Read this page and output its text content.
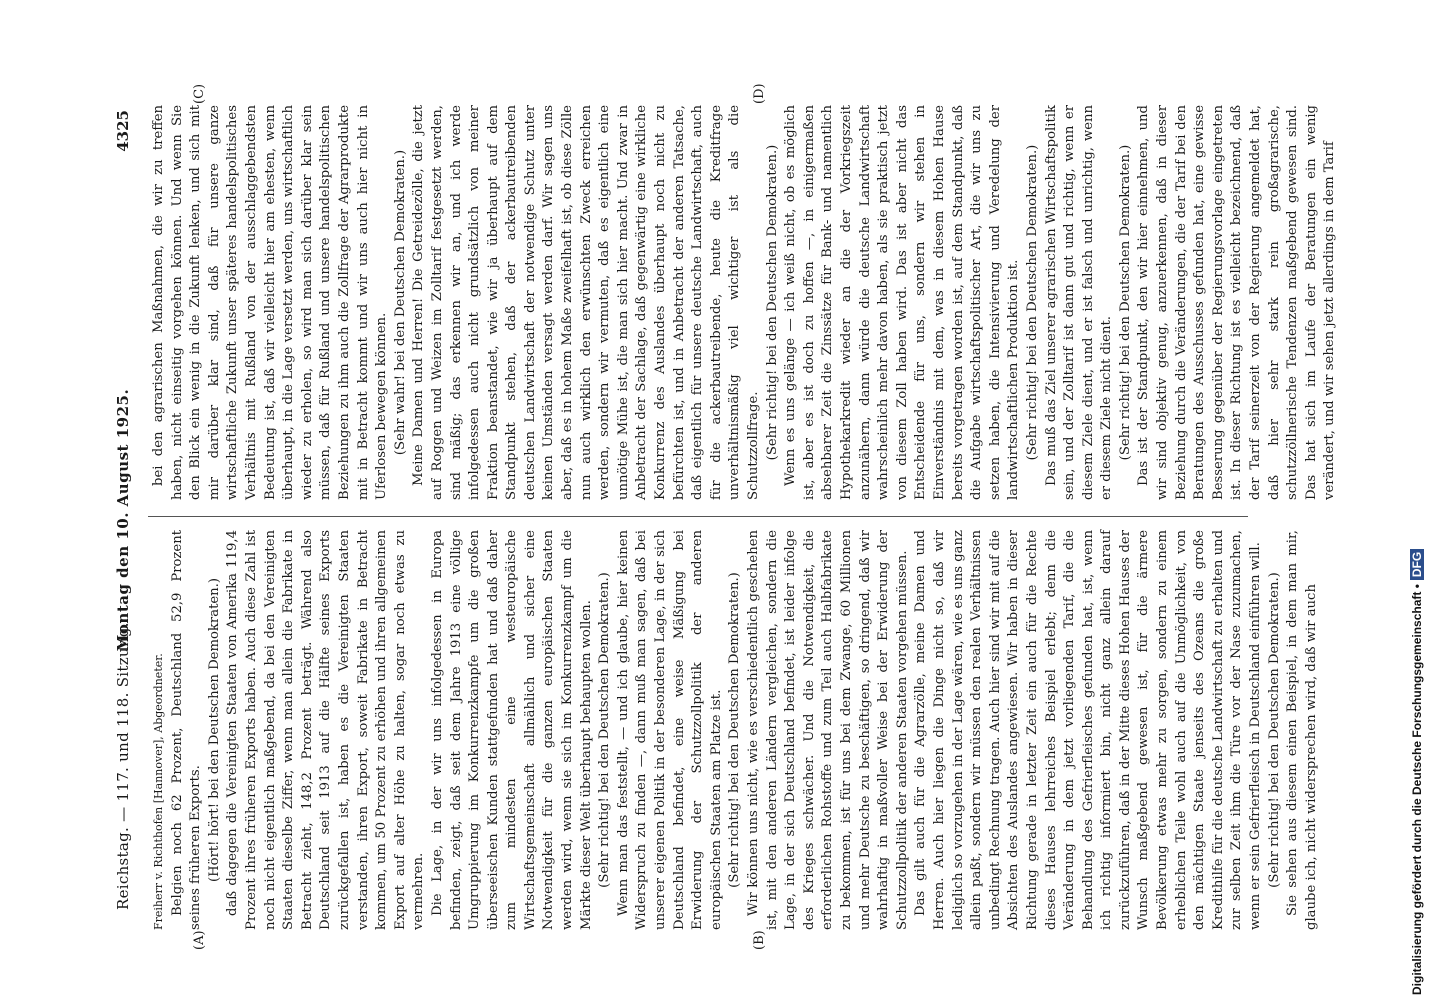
Reichstag. — 117. und 118. Sitzung.
Montag den 10. August 1925.
4325
(A)	(B)
(C)	(D)

Freiherr v. Richthofen [Hannover], Abgeordneter. Belgien noch 62 Prozent, Deutschland 52,9 Prozent seines früheren Exports. (Hört! hört! bei den Deutschen Demokraten.) daß dagegen die Vereinigten Staaten von Amerika 119,4 Prozent ihres früheren Exports haben. Auch diese Zahl ist noch nicht eigentlich maßgebend, da bei den Vereinigten Staaten dieselbe Ziffer, wenn man allein die Fabrikate in Betracht zieht, 148,2 Prozent beträgt. Während also Deutschland seit 1913 auf die Hälfte seines Exports zurückgefallen ist, haben es die Vereinigten Staaten verstanden, ihren Export, soweit Fabrikate in Betracht kommen, um 50 Prozent zu erhöhen und ihren allgemeinen Export auf alter Höhe zu halten, sogar noch etwas zu vermehren. Die Lage, in der wir uns infolgedessen in Europa befinden, zeigt, daß seit dem Jahre 1913 eine völlige Umgruppierung im Konkurrenzkampfe um die großen überseeischen Kunden stattgefunden hat und daß daher zum mindesten eine westeuropäische Wirtschaftsgemeinschaft allmählich und sicher eine Notwendigkeit für die ganzen europäischen Staaten werden wird, wenn sie sich im Konkurrenzkampf um die Märkte dieser Welt überhaupt behaupten wollen. (Sehr richtig! bei den Deutschen Demokraten.) Wenn man das feststellt, — und ich glaube, hier keinen Widerspruch zu finden —, dann muß man sagen, daß bei unserer eigenen Politik in der besonderen Lage, in der sich Deutschland befindet, eine weise Mäßigung bei Erwiderung der Schutzzollpolitik der anderen europäischen Staaten am Platze ist. (Sehr richtig! bei den Deutschen Demokraten.) Wir können uns nicht, wie es verschiedentlich geschehen ist, mit den anderen Ländern vergleichen, sondern die Lage, in der sich Deutschland befindet, ist leider infolge des Krieges schwächer. Und die Notwendigkeit, die erforderlichen Rohstoffe und zum Teil auch Halbfabrikate zu bekommen, ist für uns bei dem Zwange, 60 Millionen und mehr Deutsche zu beschäftigen, so dringend, daß wir wahrhaftig in maßvoller Weise bei der Erwiderung der Schutzzollpolitik der anderen Staaten vorgehen müssen. Das gilt auch für die Agrarzölle, meine Damen und Herren. Auch hier liegen die Dinge nicht so, daß wir lediglich so vorzugehen in der Lage wären, wie es uns ganz allein paßt, sondern wir müssen den realen Verhältnissen unbedingt Rechnung tragen. Auch hier sind wir mit auf die Absichten des Auslandes angewiesen. Wir haben in dieser Richtung gerade in letzter Zeit ein auch für die Rechte dieses Hauses lehrreiches Beispiel erlebt; denn die Veränderung in dem jetzt vorliegenden Tarif, die die Behandlung des Gefrierfleisches gefunden hat, ist, wenn ich richtig informiert bin, nicht ganz allein darauf zurückzuführen, daß in der Mitte dieses Hohen Hauses der Wunsch maßgebend gewesen ist, für die ärmere Bevölkerung etwas mehr zu sorgen, sondern zu einem erheblichen Teile wohl auch auf die Unmöglichkeit, von den mächtigen Staate jenseits des Ozeans die große Kredithilfe für die deutsche Landwirtschaft zu erhalten und zur selben Zeit ihm die Türe vor der Nase zuzumachen, wenn er sein Gefrierfleisch in Deutschland einführen will. (Sehr richtig! bei den Deutschen Demokraten.) Sie sehen aus diesem einen Beispiel, in dem man mir, glaube ich, nicht widersprechen wird, daß wir auch

bei den agrarischen Maßnahmen, die wir zu treffen haben, nicht einseitig vorgehen können. Und wenn Sie den Blick ein wenig in die Zukunft lenken, und sich mit mir darüber klar sind, daß für unsere ganze wirtschaftliche Zukunft unser späteres handelspolitisches Verhältnis mit Rußland von der ausschlaggebendsten Bedeutung ist, daß wir vielleicht hier am ehesten, wenn überhaupt, in die Lage versetzt werden, uns wirtschaftlich wieder zu erholen, so wird man sich darüber klar sein müssen, daß für Rußland und unsere handelspolitischen Beziehungen zu ihm auch die Zollfrage der Agrarprodukte mit in Betracht kommt und wir uns auch hier nicht in Uferlosen bewegen können. (Sehr wahr! bei den Deutschen Demokraten.) Meine Damen und Herren! Die Getreidezölle, die jetzt auf Roggen und Weizen im Zolltarif festgesetzt werden, sind mäßig; das erkennen wir an, und ich werde infolgedessen auch nicht grundsätzlich von meiner Fraktion beanstandet, wie wir ja überhaupt auf dem Standpunkt stehen, daß der ackerbautreibenden deutschen Landwirtschaft der notwendige Schutz unter keinen Umständen versagt werden darf. Wir sagen uns aber, daß es in hohem Maße zweifelhaft ist, ob diese Zölle nun auch wirklich den erwünschten Zweck erreichen werden, sondern wir vermuten, daß es eigentlich eine unnötige Mühe ist, die man sich hier macht. Und zwar in Anbetracht der Sachlage, daß gegenwärtig eine wirkliche Konkurrenz des Auslandes überhaupt noch nicht zu befürchten ist, und in Anbetracht der anderen Tatsache, daß eigentlich für unsere deutsche Landwirtschaft, auch für die ackerbautreibende, heute die Kreditfrage unverhältnismäßig viel wichtiger ist als die Schutzzollfrage. (Sehr richtig! bei den Deutschen Demokraten.) Wenn es uns gelänge — ich weiß nicht, ob es möglich ist, aber es ist doch zu hoffen —, in einigermaßen absehbarer Zeit die Zinssätze für Bank- und namentlich Hypothekarkredit wieder an die der Vorkriegszeit anzunähern, dann würde die deutsche Landwirtschaft wahrscheinlich mehr davon haben, als sie praktisch jetzt von diesem Zoll haben wird. Das ist aber nicht das Entscheidende für uns, sondern wir stehen in Einverständnis mit dem, was in diesem Hohen Hause bereits vorgetragen worden ist, auf dem Standpunkt, daß die Aufgabe wirtschaftspolitischer Art, die wir uns zu setzen haben, die Intensivierung und Veredelung der landwirtschaftlichen Produktion ist. (Sehr richtig! bei den Deutschen Demokraten.) Das muß das Ziel unserer agrarischen Wirtschaftspolitik sein, und der Zolltarif ist dann gut und richtig, wenn er diesem Ziele dient, und er ist falsch und unrichtig, wenn er diesem Ziele nicht dient. (Sehr richtig! bei den Deutschen Demokraten.) Das ist der Standpunkt, den wir hier einnehmen, und wir sind objektiv genug, anzuerkennen, daß in dieser Beziehung durch die Veränderungen, die der Tarif bei den Beratungen des Ausschusses gefunden hat, eine gewisse Besserung gegenüber der Regierungsvorlage eingetreten ist. In dieser Richtung ist es vielleicht bezeichnend, daß der Tarif seinerzeit von der Regierung angemeldet hat, daß hier sehr stark rein großagrarische, schutzzöllnerische Tendenzen maßgebend gewesen sind. Das hat sich im Laufe der Beratungen ein wenig verändert, und wir sehen jetzt allerdings in dem Tarif

Digitalisierung gefördert durch die Deutsche Forschungsgemeinschaft •DFG
